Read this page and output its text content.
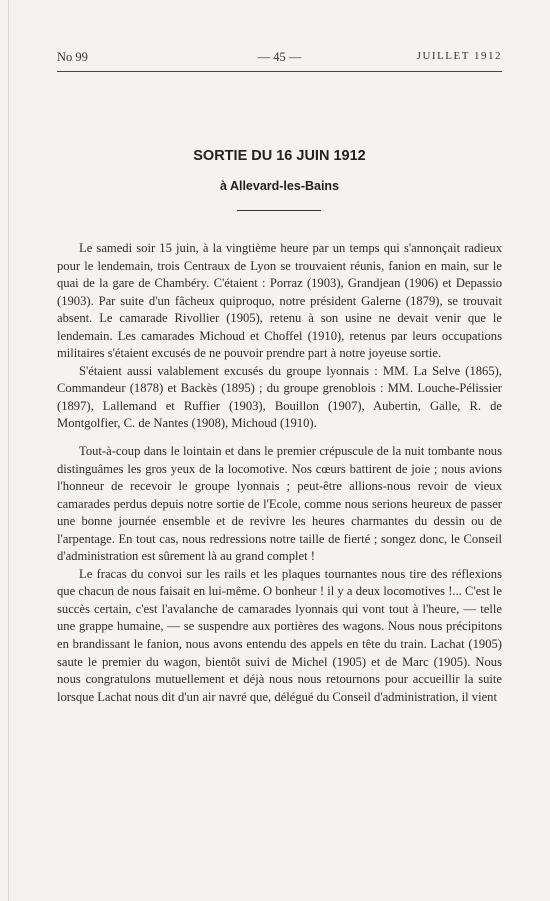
No 99	— 45 —	JUILLET 1912
SORTIE DU 16 JUIN 1912
à Allevard-les-Bains

Le samedi soir 15 juin, à la vingtième heure par un temps qui s'annonçait radieux pour le lendemain, trois Centraux de Lyon se trouvaient réunis, fanion en main, sur le quai de la gare de Chambéry. C'étaient : Porraz (1903), Grandjean (1906) et Depassio (1903). Par suite d'un fâcheux quiproquo, notre président Galerne (1879), se trouvait absent. Le camarade Rivollier (1905), retenu à son usine ne devait venir que le lendemain. Les camarades Michoud et Choffel (1910), retenus par leurs occupations militaires s'étaient excusés de ne pouvoir prendre part à notre joyeuse sortie.

S'étaient aussi valablement excusés du groupe lyonnais : MM. La Selve (1865), Commandeur (1878) et Backès (1895) ; du groupe grenoblois : MM. Louche-Pélissier (1897), Lallemand et Ruffier (1903), Bouillon (1907), Aubertin, Galle, R. de Montgolfier, C. de Nantes (1908), Michoud (1910).

Tout-à-coup dans le lointain et dans le premier crépuscule de la nuit tombante nous distinguâmes les gros yeux de la locomotive. Nos cœurs battirent de joie ; nous avions l'honneur de recevoir le groupe lyonnais ; peut-être allions-nous revoir de vieux camarades perdus depuis notre sortie de l'Ecole, comme nous serions heureux de passer une bonne journée ensemble et de revivre les heures charmantes du dessin ou de l'arpentage. En tout cas, nous redressions notre taille de fierté ; songez donc, le Conseil d'administration est sûrement là au grand complet !

Le fracas du convoi sur les rails et les plaques tournantes nous tire des réflexions que chacun de nous faisait en lui-même. O bonheur ! il y a deux locomotives !... C'est le succès certain, c'est l'avalanche de camarades lyonnais qui vont tout à l'heure, — telle une grappe humaine, — se suspendre aux portières des wagons. Nous nous précipitons en brandissant le fanion, nous avons entendu des appels en tête du train. Lachat (1905) saute le premier du wagon, bientôt suivi de Michel (1905) et de Marc (1905). Nous nous congratulons mutuellement et déjà nous nous retournons pour accueillir la suite lorsque Lachat nous dit d'un air navré que, délégué du Conseil d'administration, il vient
